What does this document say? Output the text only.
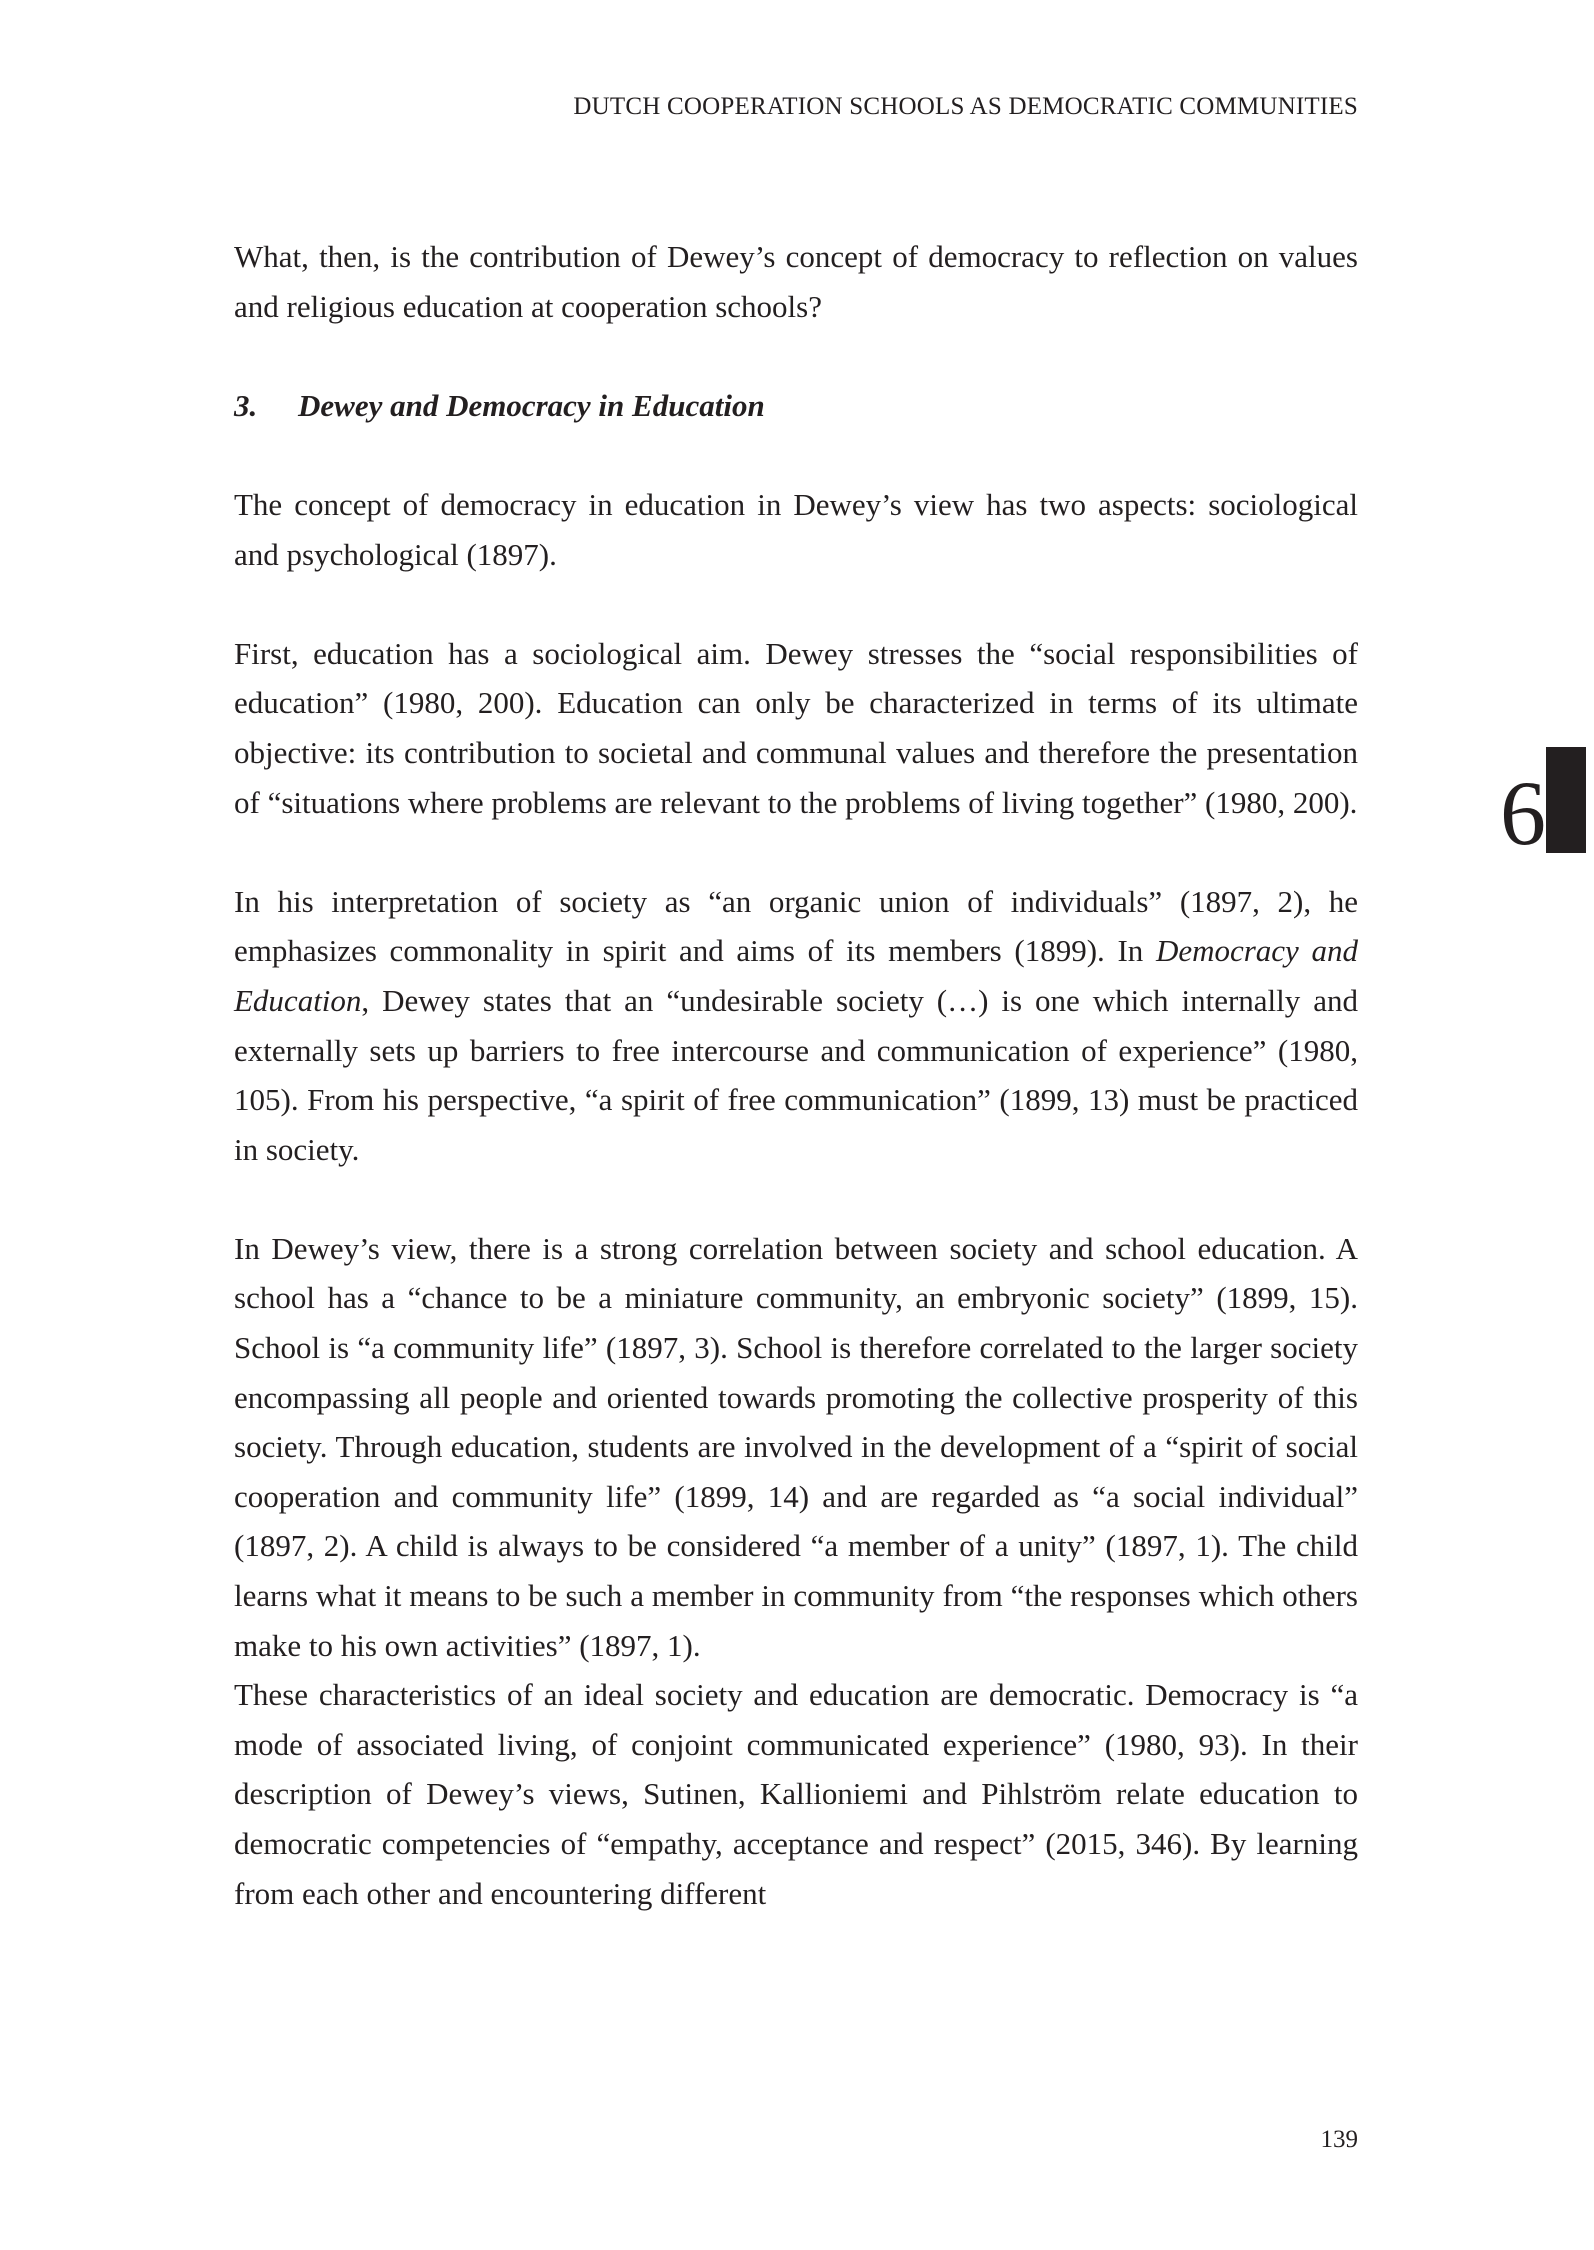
DUTCH COOPERATION SCHOOLS AS DEMOCRATIC COMMUNITIES

What, then, is the contribution of Dewey’s concept of democracy to reflection on values and religious education at cooperation schools?

3. Dewey and Democracy in Education

The concept of democracy in education in Dewey’s view has two aspects: sociological and psychological (1897).

First, education has a sociological aim. Dewey stresses the “social responsibilities of education” (1980, 200). Education can only be characterized in terms of its ultimate objective: its contribution to societal and communal values and therefore the presentation of “situations where problems are relevant to the problems of living together” (1980, 200).

In his interpretation of society as “an organic union of individuals” (1897, 2), he emphasizes commonality in spirit and aims of its members (1899). In Democracy and Education, Dewey states that an “undesirable society (…) is one which internally and externally sets up barriers to free intercourse and communication of experience” (1980, 105). From his perspective, “a spirit of free communication” (1899, 13) must be practiced in society.

In Dewey’s view, there is a strong correlation between society and school education. A school has a “chance to be a miniature community, an embryonic society” (1899, 15). School is “a community life” (1897, 3). School is therefore correlated to the larger society encompassing all people and oriented towards promoting the collective prosperity of this society. Through education, students are involved in the development of a “spirit of social cooperation and community life” (1899, 14) and are regarded as “a social individual” (1897, 2). A child is always to be considered “a member of a unity” (1897, 1). The child learns what it means to be such a member in community from “the responses which others make to his own activities” (1897, 1).

These characteristics of an ideal society and education are democratic. Democracy is “a mode of associated living, of conjoint communicated experience” (1980, 93). In their description of Dewey’s views, Sutinen, Kallioniemi and Pihlström relate education to democratic competencies of “empathy, acceptance and respect” (2015, 346). By learning from each other and encountering different

6
139
